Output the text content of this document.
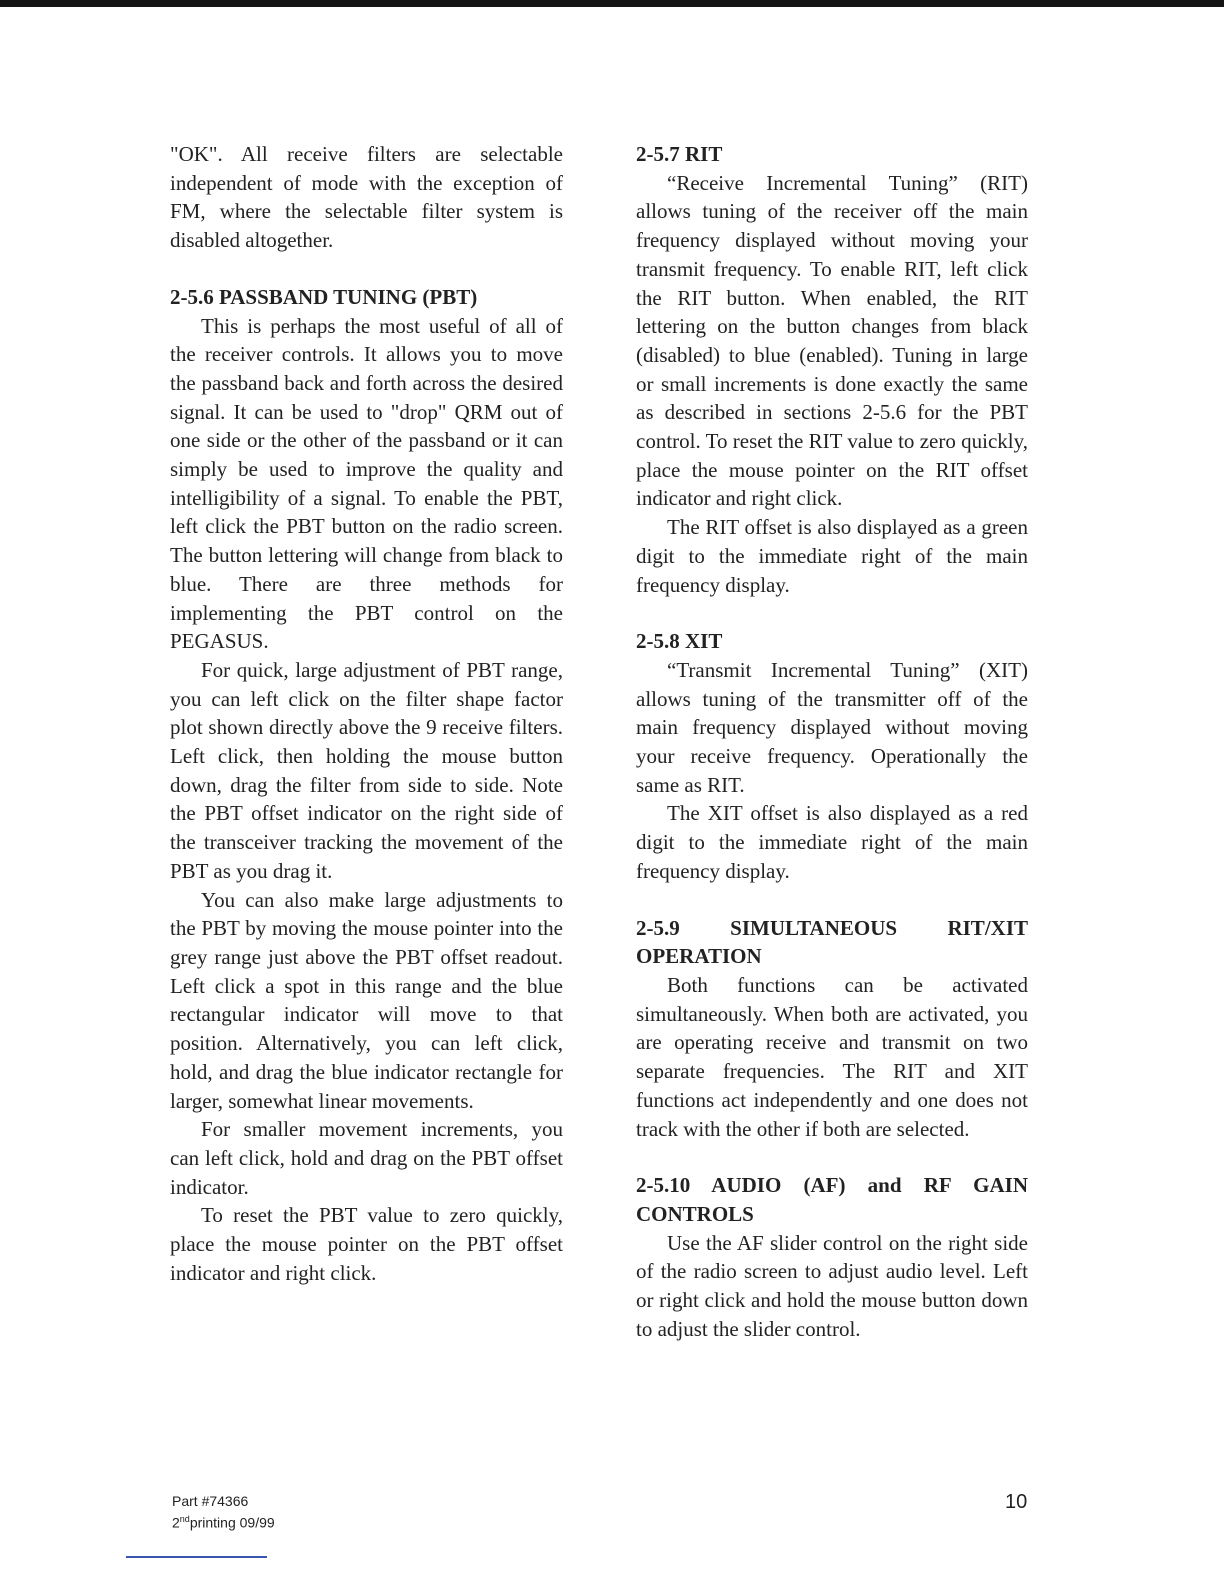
"OK". All receive filters are selectable independent of mode with the exception of FM, where the selectable filter system is disabled altogether.

2-5.6 PASSBAND TUNING (PBT)

This is perhaps the most useful of all of the receiver controls. It allows you to move the passband back and forth across the desired signal. It can be used to "drop" QRM out of one side or the other of the passband or it can simply be used to improve the quality and intelligibility of a signal. To enable the PBT, left click the PBT button on the radio screen. The button lettering will change from black to blue. There are three methods for implementing the PBT control on the PEGASUS.

For quick, large adjustment of PBT range, you can left click on the filter shape factor plot shown directly above the 9 receive filters. Left click, then holding the mouse button down, drag the filter from side to side. Note the PBT offset indicator on the right side of the transceiver tracking the movement of the PBT as you drag it.

You can also make large adjustments to the PBT by moving the mouse pointer into the grey range just above the PBT offset readout. Left click a spot in this range and the blue rectangular indicator will move to that position. Alternatively, you can left click, hold, and drag the blue indicator rectangle for larger, somewhat linear movements.

For smaller movement increments, you can left click, hold and drag on the PBT offset indicator.

To reset the PBT value to zero quickly, place the mouse pointer on the PBT offset indicator and right click.

2-5.7 RIT

“Receive Incremental Tuning” (RIT) allows tuning of the receiver off the main frequency displayed without moving your transmit frequency. To enable RIT, left click the RIT button. When enabled, the RIT lettering on the button changes from black (disabled) to blue (enabled). Tuning in large or small increments is done exactly the same as described in sections 2-5.6 for the PBT control. To reset the RIT value to zero quickly, place the mouse pointer on the RIT offset indicator and right click.

The RIT offset is also displayed as a green digit to the immediate right of the main frequency display.

2-5.8 XIT

“Transmit Incremental Tuning” (XIT) allows tuning of the transmitter off of the main frequency displayed without moving your receive frequency. Operationally the same as RIT.

The XIT offset is also displayed as a red digit to the immediate right of the main frequency display.

2-5.9 SIMULTANEOUS RIT/XIT OPERATION

Both functions can be activated simultaneously. When both are activated, you are operating receive and transmit on two separate frequencies. The RIT and XIT functions act independently and one does not track with the other if both are selected.

2-5.10 AUDIO (AF) and RF GAIN CONTROLS

Use the AF slider control on the right side of the radio screen to adjust audio level. Left or right click and hold the mouse button down to adjust the slider control.

Part #74366
2ndprinting 09/99
10
